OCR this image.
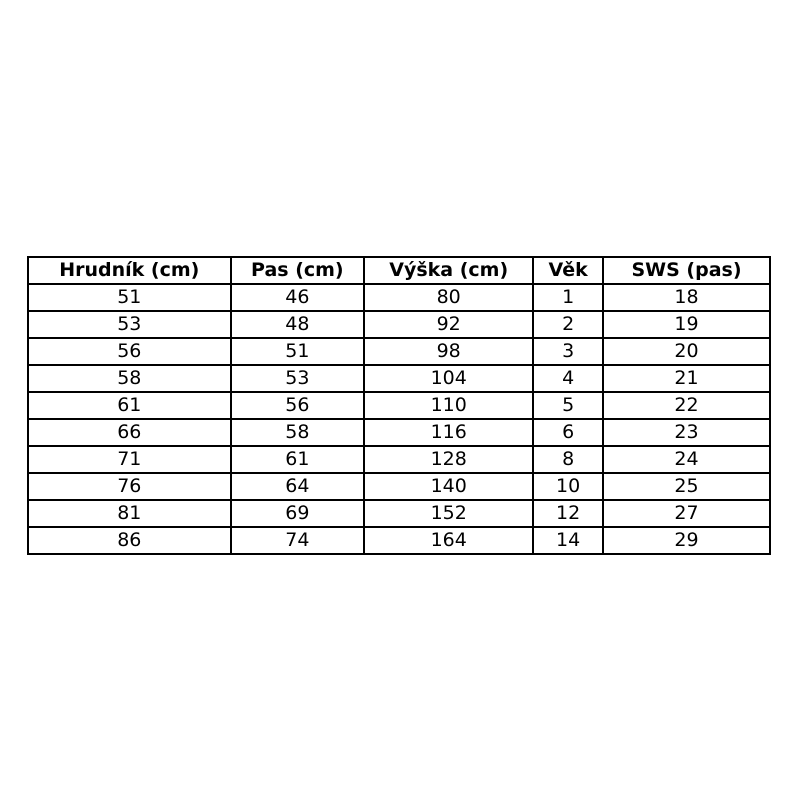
Hrudník (cm)	Pas (cm)	Výška (cm)	Věk	SWS (pas)
51	46	80	1	18
53	48	92	2	19
56	51	98	3	20
58	53	104	4	21
61	56	110	5	22
66	58	116	6	23
71	61	128	8	24
76	64	140	10	25
81	69	152	12	27
86	74	164	14	29
